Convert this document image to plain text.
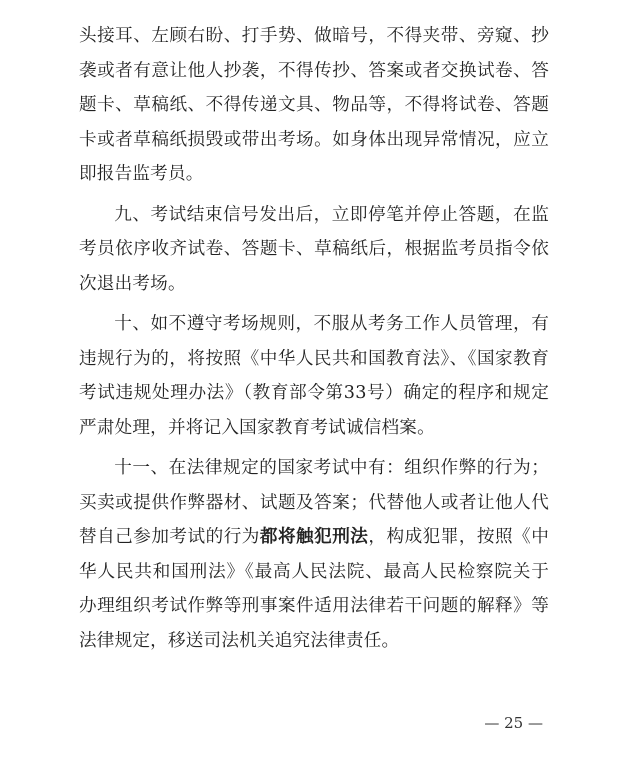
头接耳、左顾右盼、打手势、做暗号，不得夹带、旁窥、抄袭或者有意让他人抄袭，不得传抄、答案或者交换试卷、答题卡、草稿纸、不得传递文具、物品等，不得将试卷、答题卡或者草稿纸损毁或带出考场。如身体出现异常情况，应立即报告监考员。

九、考试结束信号发出后，立即停笔并停止答题，在监考员依序收齐试卷、答题卡、草稿纸后，根据监考员指令依次退出考场。

十、如不遵守考场规则，不服从考务工作人员管理，有违规行为的，将按照《中华人民共和国教育法》、《国家教育考试违规处理办法》（教育部令第33号）确定的程序和规定严肃处理，并将记入国家教育考试诚信档案。

十一、在法律规定的国家考试中有：组织作弊的行为；买卖或提供作弊器材、试题及答案；代替他人或者让他人代替自己参加考试的行为都将触犯刑法，构成犯罪，按照《中华人民共和国刑法》《最高人民法院、最高人民检察院关于办理组织考试作弊等刑事案件适用法律若干问题的解释》等法律规定，移送司法机关追究法律责任。

— 25 —
